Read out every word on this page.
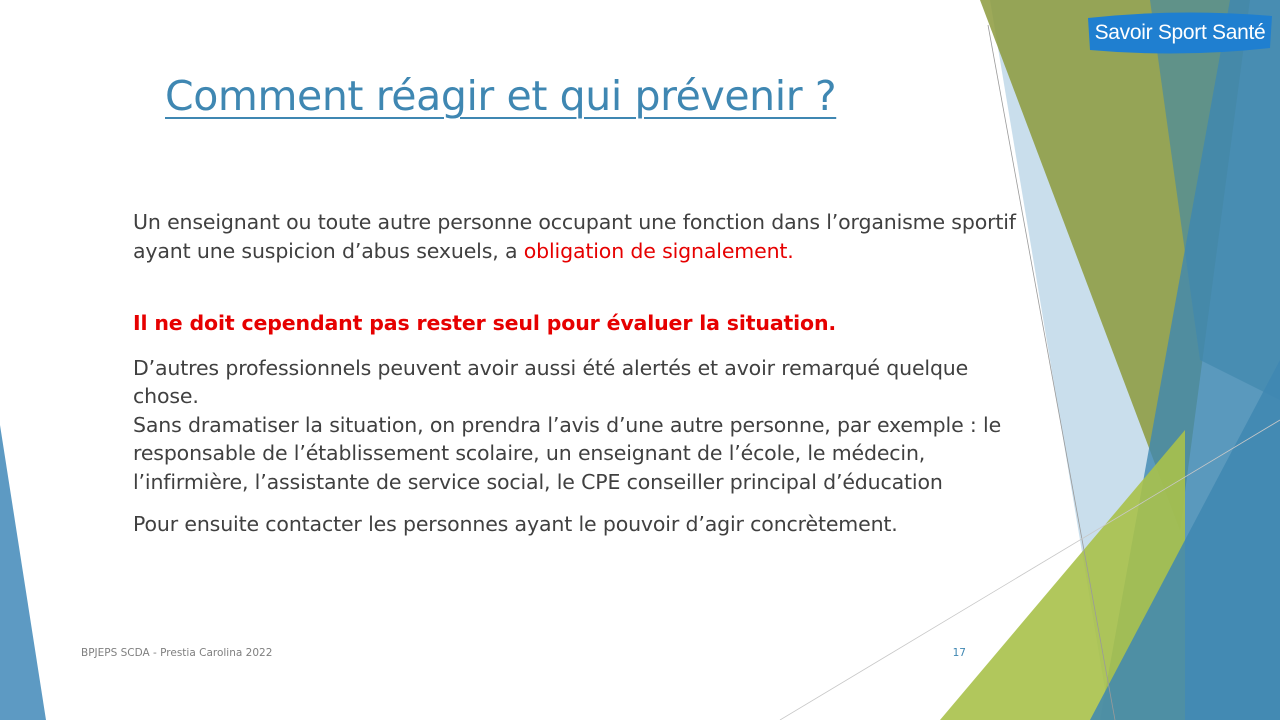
Savoir Sport Santé
Comment réagir et qui prévenir ?

Un enseignant ou toute autre personne occupant une fonction dans l’organisme sportif ayant une suspicion d’abus sexuels, a obligation de signalement.

Il ne doit cependant pas rester seul pour évaluer la situation.

D’autres professionnels peuvent avoir aussi été alertés et avoir remarqué quelque chose.

Sans dramatiser la situation, on prendra l’avis d’une autre personne, par exemple : le responsable de l’établissement scolaire, un enseignant de l’école, le médecin, l’infirmière, l’assistante de service social, le CPE conseiller principal d’éducation

Pour ensuite contacter les personnes ayant le pouvoir d’agir concrètement.

BPJEPS SCDA - Prestia Carolina 2022	17
